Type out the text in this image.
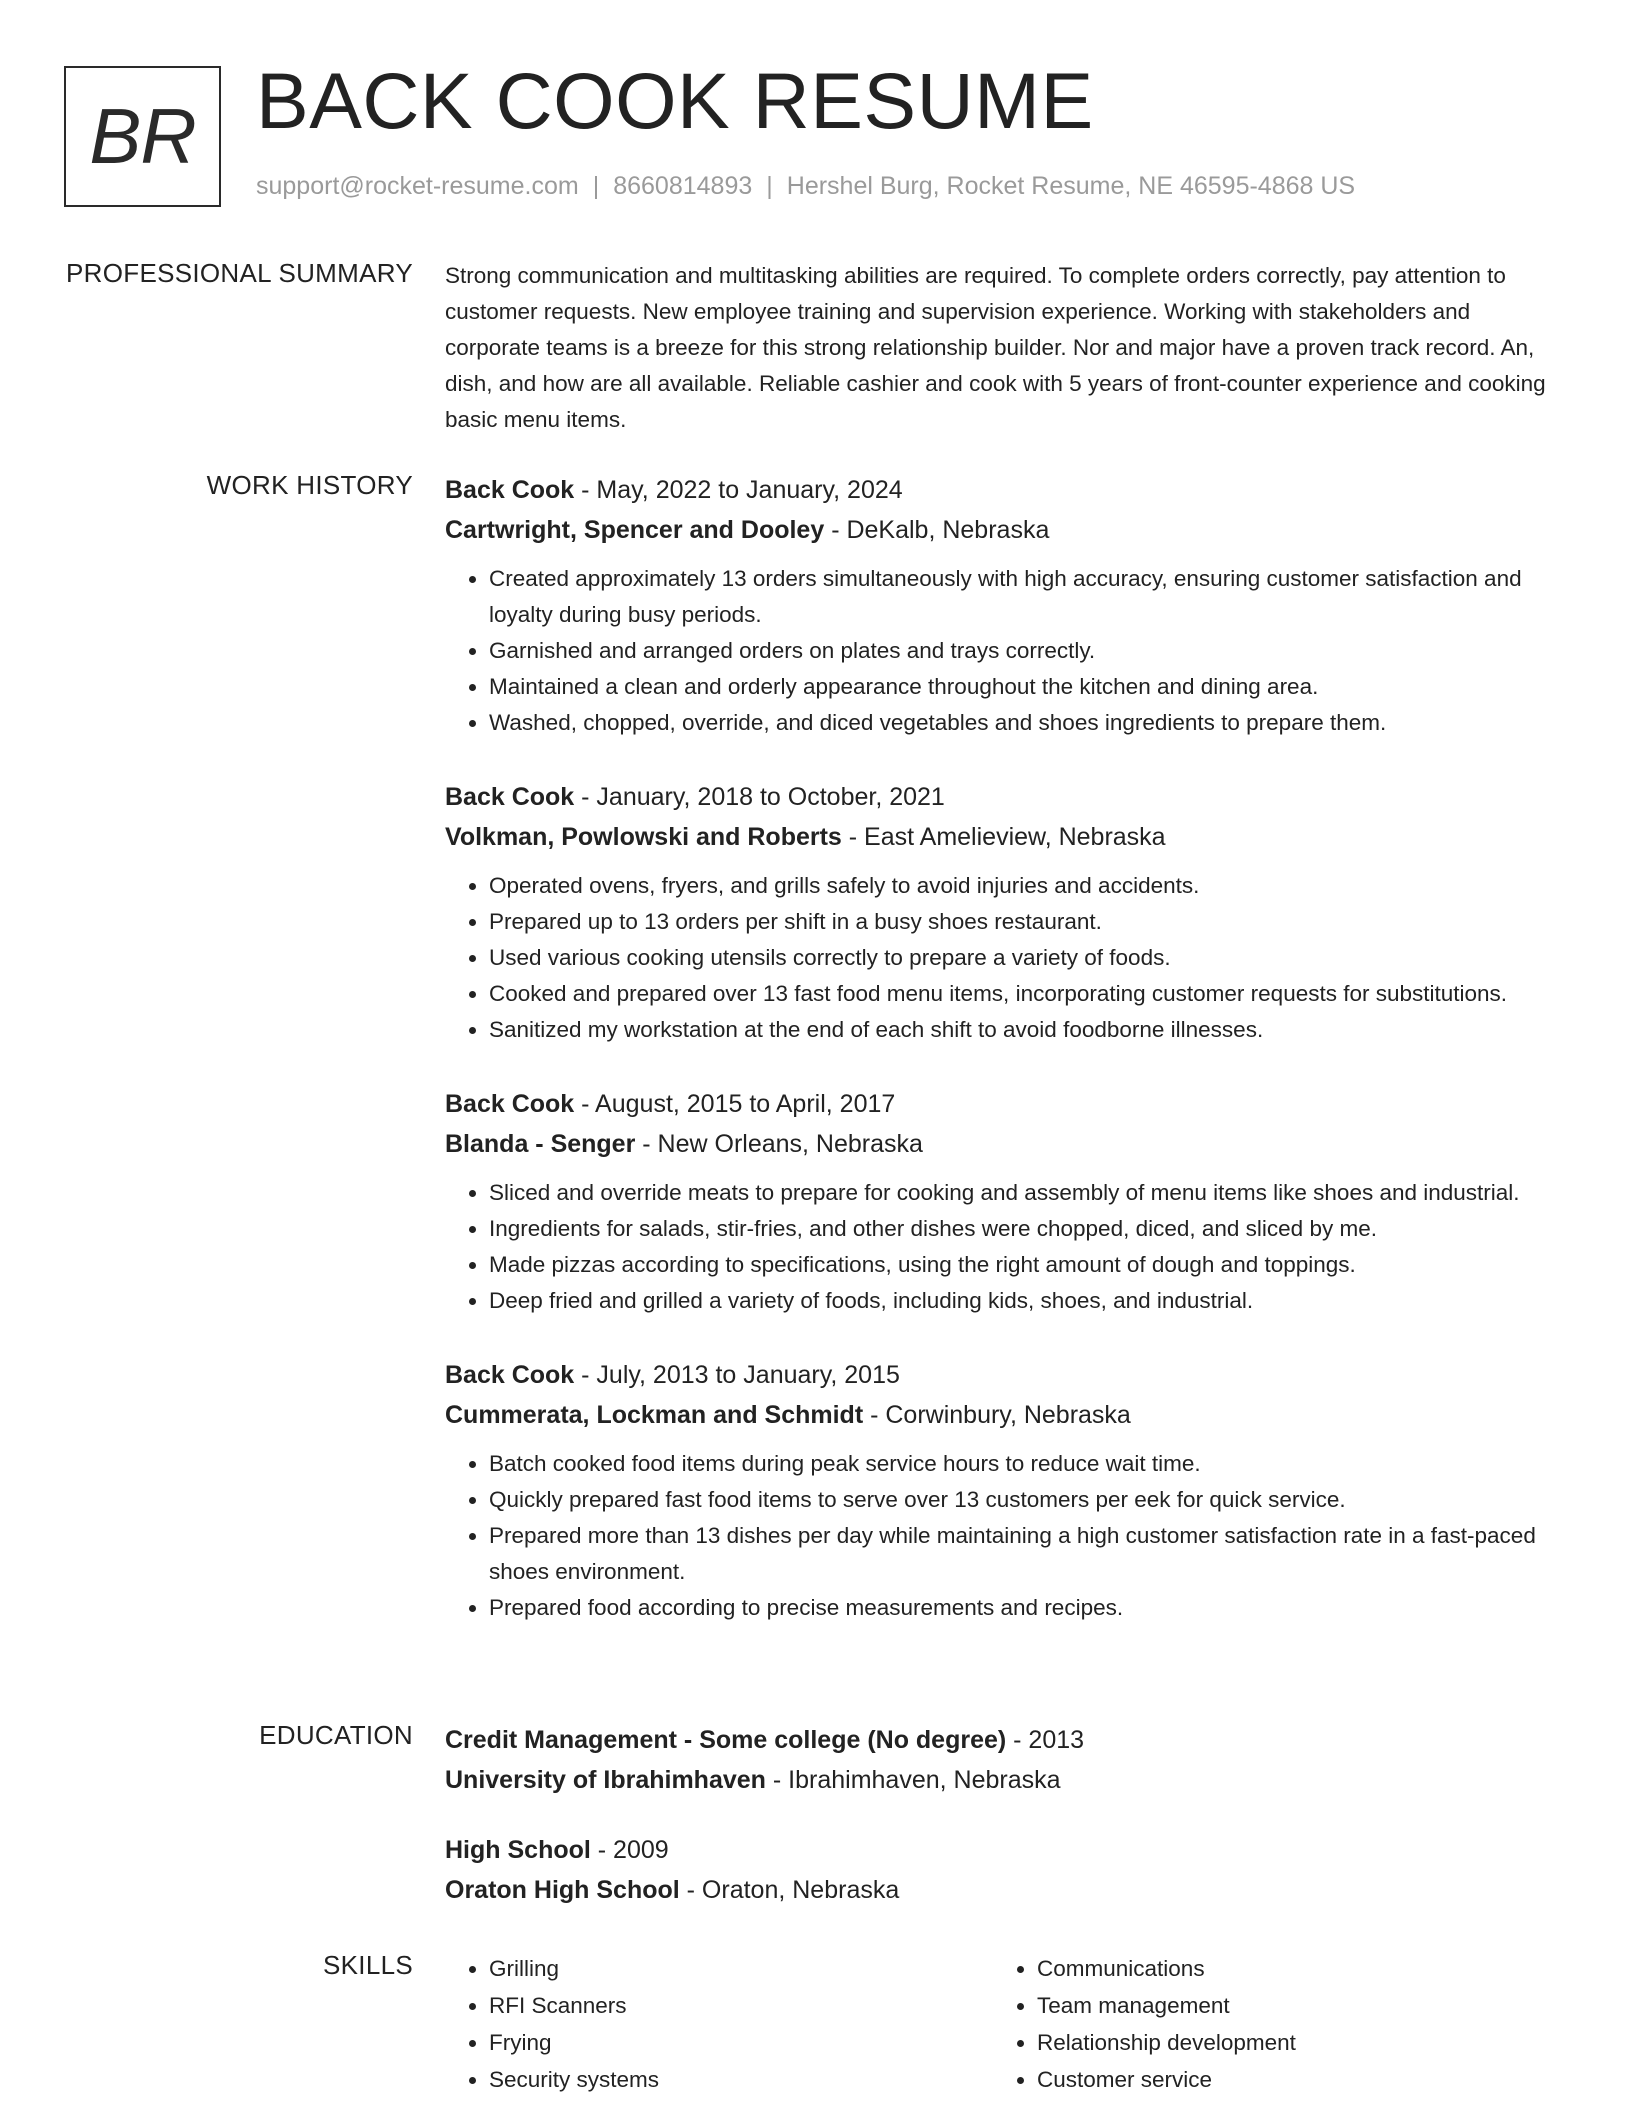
BR BACK COOK RESUME
support@rocket-resume.com | 8660814893 | Hershel Burg, Rocket Resume, NE 46595-4868 US
PROFESSIONAL SUMMARY Strong communication and multitasking abilities are required. To complete orders correctly, pay attention to customer requests. New employee training and supervision experience. Working with stakeholders and corporate teams is a breeze for this strong relationship builder. Nor and major have a proven track record. An, dish, and how are all available. Reliable cashier and cook with 5 years of front-counter experience and cooking basic menu items.

WORK HISTORY Back Cook - May, 2022 to January, 2024
Cartwright, Spencer and Dooley - DeKalb, Nebraska
• Created approximately 13 orders simultaneously with high accuracy, ensuring customer satisfaction and loyalty during busy periods.
• Garnished and arranged orders on plates and trays correctly.
• Maintained a clean and orderly appearance throughout the kitchen and dining area.
• Washed, chopped, override, and diced vegetables and shoes ingredients to prepare them.
Back Cook - January, 2018 to October, 2021
Volkman, Powlowski and Roberts - East Amelieview, Nebraska
• Operated ovens, fryers, and grills safely to avoid injuries and accidents.
• Prepared up to 13 orders per shift in a busy shoes restaurant.
• Used various cooking utensils correctly to prepare a variety of foods.
• Cooked and prepared over 13 fast food menu items, incorporating customer requests for substitutions.
• Sanitized my workstation at the end of each shift to avoid foodborne illnesses.
Back Cook - August, 2015 to April, 2017
Blanda - Senger - New Orleans, Nebraska
• Sliced and override meats to prepare for cooking and assembly of menu items like shoes and industrial.
• Ingredients for salads, stir-fries, and other dishes were chopped, diced, and sliced by me.
• Made pizzas according to specifications, using the right amount of dough and toppings.
• Deep fried and grilled a variety of foods, including kids, shoes, and industrial.
Back Cook - July, 2013 to January, 2015
Cummerata, Lockman and Schmidt - Corwinbury, Nebraska
• Batch cooked food items during peak service hours to reduce wait time.
• Quickly prepared fast food items to serve over 13 customers per eek for quick service.
• Prepared more than 13 dishes per day while maintaining a high customer satisfaction rate in a fast-paced shoes environment.
• Prepared food according to precise measurements and recipes.
EDUCATION Credit Management - Some college (No degree) - 2013
University of Ibrahimhaven - Ibrahimhaven, Nebraska
High School - 2009
Oraton High School - Oraton, Nebraska
SKILLS
•	Grilling
• RFI Scanners
• Frying
• Security systems
• Communications
• Team management
• Relationship development
• Customer service
